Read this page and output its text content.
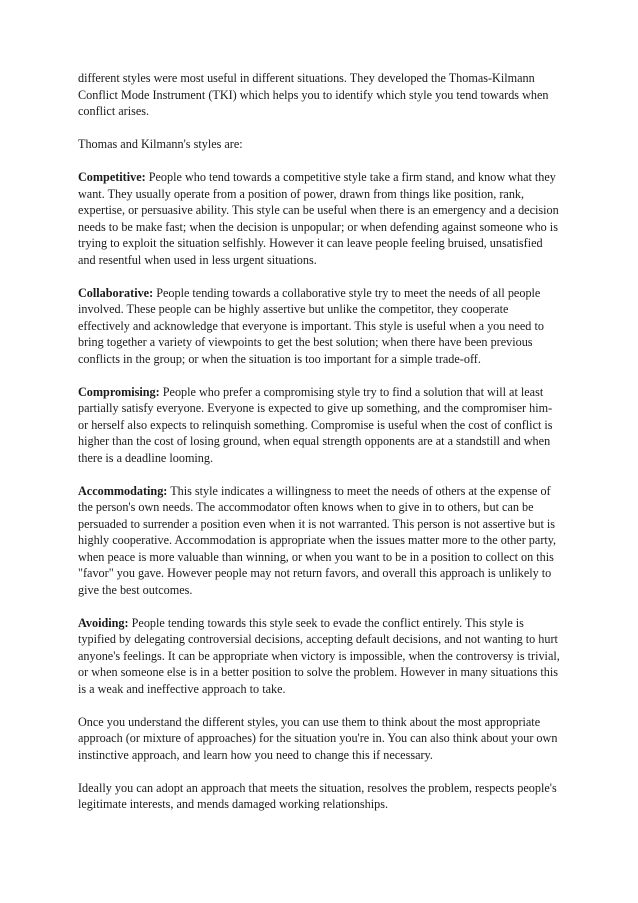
different styles were most useful in different situations. They developed the Thomas-Kilmann Conflict Mode Instrument (TKI) which helps you to identify which style you tend towards when conflict arises.

Thomas and Kilmann's styles are:

Competitive: People who tend towards a competitive style take a firm stand, and know what they want. They usually operate from a position of power, drawn from things like position, rank, expertise, or persuasive ability. This style can be useful when there is an emergency and a decision needs to be make fast; when the decision is unpopular; or when defending against someone who is trying to exploit the situation selfishly. However it can leave people feeling bruised, unsatisfied and resentful when used in less urgent situations.

Collaborative: People tending towards a collaborative style try to meet the needs of all people involved. These people can be highly assertive but unlike the competitor, they cooperate effectively and acknowledge that everyone is important. This style is useful when a you need to bring together a variety of viewpoints to get the best solution; when there have been previous conflicts in the group; or when the situation is too important for a simple trade-off.

Compromising: People who prefer a compromising style try to find a solution that will at least partially satisfy everyone. Everyone is expected to give up something, and the compromiser him- or herself also expects to relinquish something. Compromise is useful when the cost of conflict is higher than the cost of losing ground, when equal strength opponents are at a standstill and when there is a deadline looming.

Accommodating: This style indicates a willingness to meet the needs of others at the expense of the person's own needs. The accommodator often knows when to give in to others, but can be persuaded to surrender a position even when it is not warranted. This person is not assertive but is highly cooperative. Accommodation is appropriate when the issues matter more to the other party, when peace is more valuable than winning, or when you want to be in a position to collect on this "favor" you gave. However people may not return favors, and overall this approach is unlikely to give the best outcomes.

Avoiding: People tending towards this style seek to evade the conflict entirely. This style is typified by delegating controversial decisions, accepting default decisions, and not wanting to hurt anyone's feelings. It can be appropriate when victory is impossible, when the controversy is trivial, or when someone else is in a better position to solve the problem. However in many situations this is a weak and ineffective approach to take.

Once you understand the different styles, you can use them to think about the most appropriate approach (or mixture of approaches) for the situation you're in. You can also think about your own instinctive approach, and learn how you need to change this if necessary.

Ideally you can adopt an approach that meets the situation, resolves the problem, respects people's legitimate interests, and mends damaged working relationships.
